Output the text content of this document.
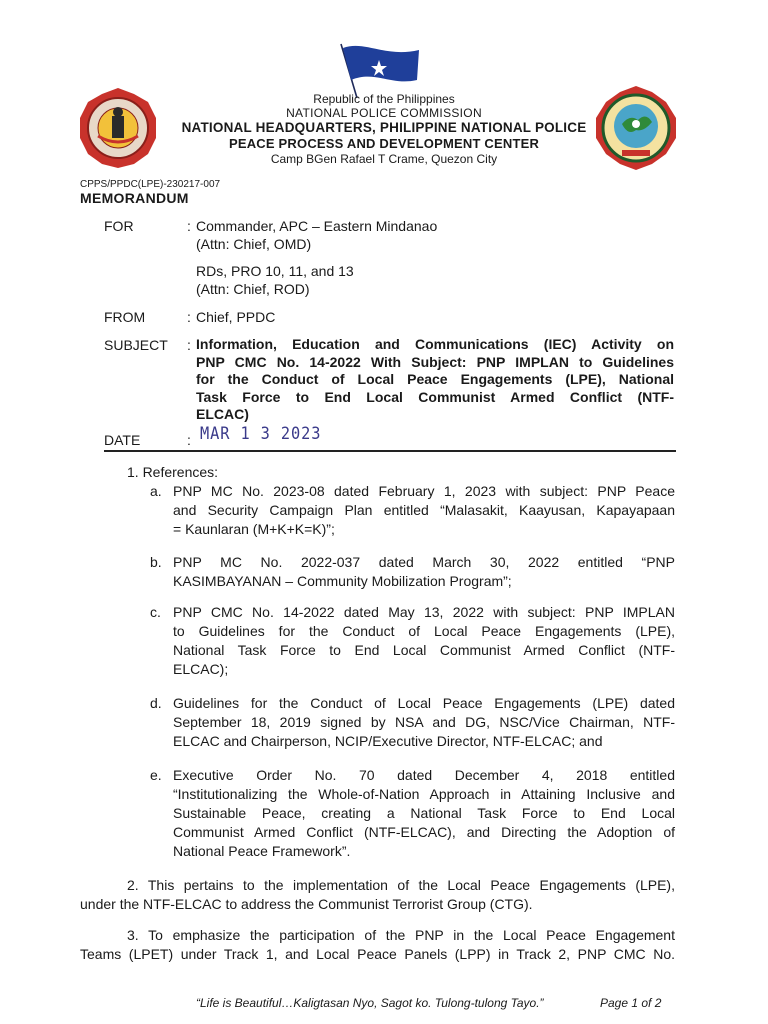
Republic of the Philippines
NATIONAL POLICE COMMISSION
NATIONAL HEADQUARTERS, PHILIPPINE NATIONAL POLICE
PEACE PROCESS AND DEVELOPMENT CENTER
Camp BGen Rafael T Crame, Quezon City
CPPS/PPDC(LPE)-230217-007
MEMORANDUM
FOR	: Commander, APC – Eastern Mindanao
(Attn: Chief, OMD)
RDs, PRO 10, 11, and 13
(Attn: Chief, ROD)
FROM	: Chief, PPDC
SUBJECT : Information, Education and Communications (IEC) Activity on
PNP CMC No. 14-2022 With Subject: PNP IMPLAN to Guidelines
for the Conduct of Local Peace Engagements (LPE), National
Task Force to End Local Communist Armed Conflict (NTF-
ELCAC)
DATE	: MAR 1 3 2023
1. References:
a. PNP MC No. 2023-08 dated February 1, 2023 with subject: PNP Peace
and Security Campaign Plan entitled “Malasakit, Kaayusan, Kapayapaan
= Kaunlaran (M+K+K=K)”;
b. PNP MC No. 2022-037 dated March 30, 2022 entitled “PNP
KASIMBAYANAN – Community Mobilization Program”;
c. PNP CMC No. 14-2022 dated May 13, 2022 with subject: PNP IMPLAN
to Guidelines for the Conduct of Local Peace Engagements (LPE),
National Task Force to End Local Communist Armed Conflict (NTF-
ELCAC);
d. Guidelines for the Conduct of Local Peace Engagements (LPE) dated
September 18, 2019 signed by NSA and DG, NSC/Vice Chairman, NTF-
ELCAC and Chairperson, NCIP/Executive Director, NTF-ELCAC; and
e. Executive Order No. 70 dated December 4, 2018 entitled
“Institutionalizing the Whole-of-Nation Approach in Attaining Inclusive and
Sustainable Peace, creating a National Task Force to End Local
Communist Armed Conflict (NTF-ELCAC), and Directing the Adoption of
National Peace Framework”.
2. This pertains to the implementation of the Local Peace Engagements (LPE),
under the NTF-ELCAC to address the Communist Terrorist Group (CTG).
3. To emphasize the participation of the PNP in the Local Peace Engagement
Teams (LPET) under Track 1, and Local Peace Panels (LPP) in Track 2, PNP CMC No.
“Life is Beautiful…Kaligtasan Nyo, Sagot ko. Tulong-tulong Tayo.”	Page 1 of 2
